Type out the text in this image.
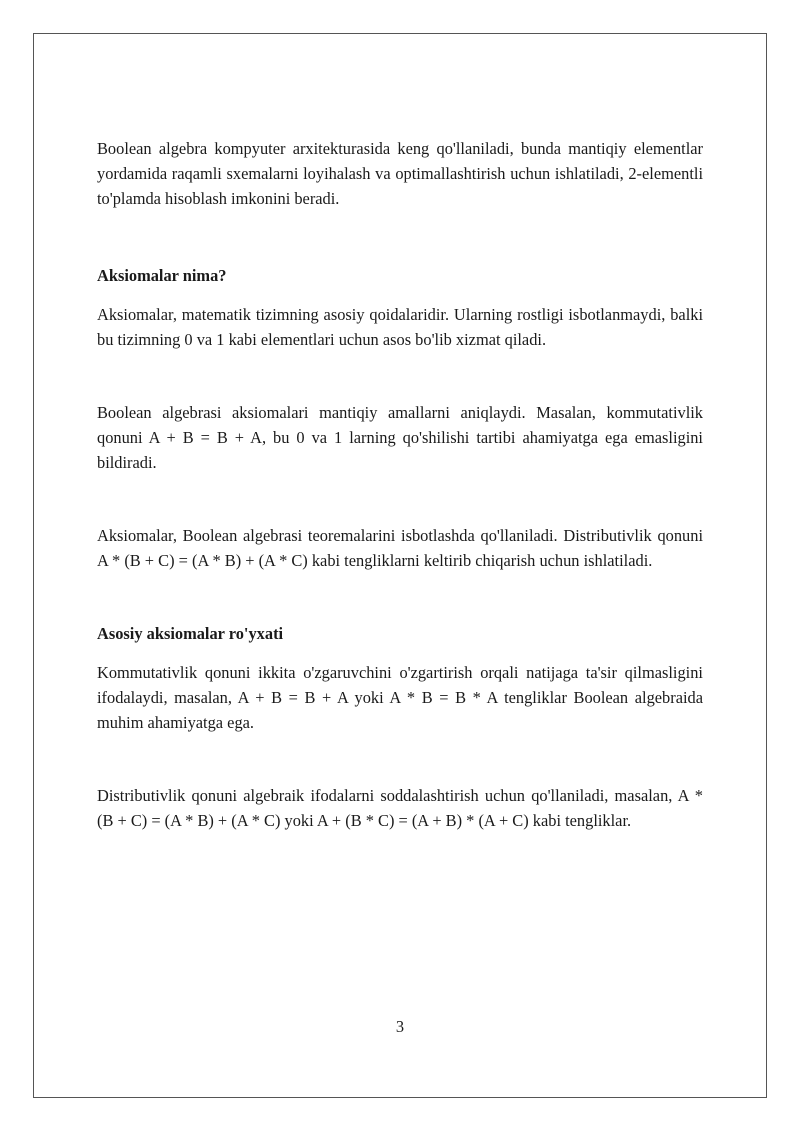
Boolean algebra kompyuter arxitekturasida keng qo'llaniladi, bunda mantiqiy elementlar yordamida raqamli sxemalarni loyihalash va optimallashtirish uchun ishlatiladi, 2-elementli to'plamda hisoblash imkonini beradi.

Aksiomalar nima?

Aksiomalar, matematik tizimning asosiy qoidalaridir. Ularning rostligi isbotlanmaydi, balki bu tizimning 0 va 1 kabi elementlari uchun asos bo'lib xizmat qiladi.

Boolean algebrasi aksiomalari mantiqiy amallarni aniqlaydi. Masalan, kommutativlik qonuni A + B = B + A, bu 0 va 1 larning qo'shilishi tartibi ahamiyatga ega emasligini bildiradi.

Aksiomalar, Boolean algebrasi teoremalarini isbotlashda qo'llaniladi. Distributivlik qonuni A * (B + C) = (A * B) + (A * C) kabi tengliklarni keltirib chiqarish uchun ishlatiladi.

Asosiy aksiomalar ro'yxati

Kommutativlik qonuni ikkita o'zgaruvchini o'zgartirish orqali natijaga ta'sir qilmasligini ifodalaydi, masalan, A + B = B + A yoki A * B = B * A tengliklar Boolean algebraida muhim ahamiyatga ega.

Distributivlik qonuni algebraik ifodalarni soddalashtirish uchun qo'llaniladi, masalan, A * (B + C) = (A * B) + (A * C) yoki A + (B * C) = (A + B) * (A + C) kabi tengliklar.

3
